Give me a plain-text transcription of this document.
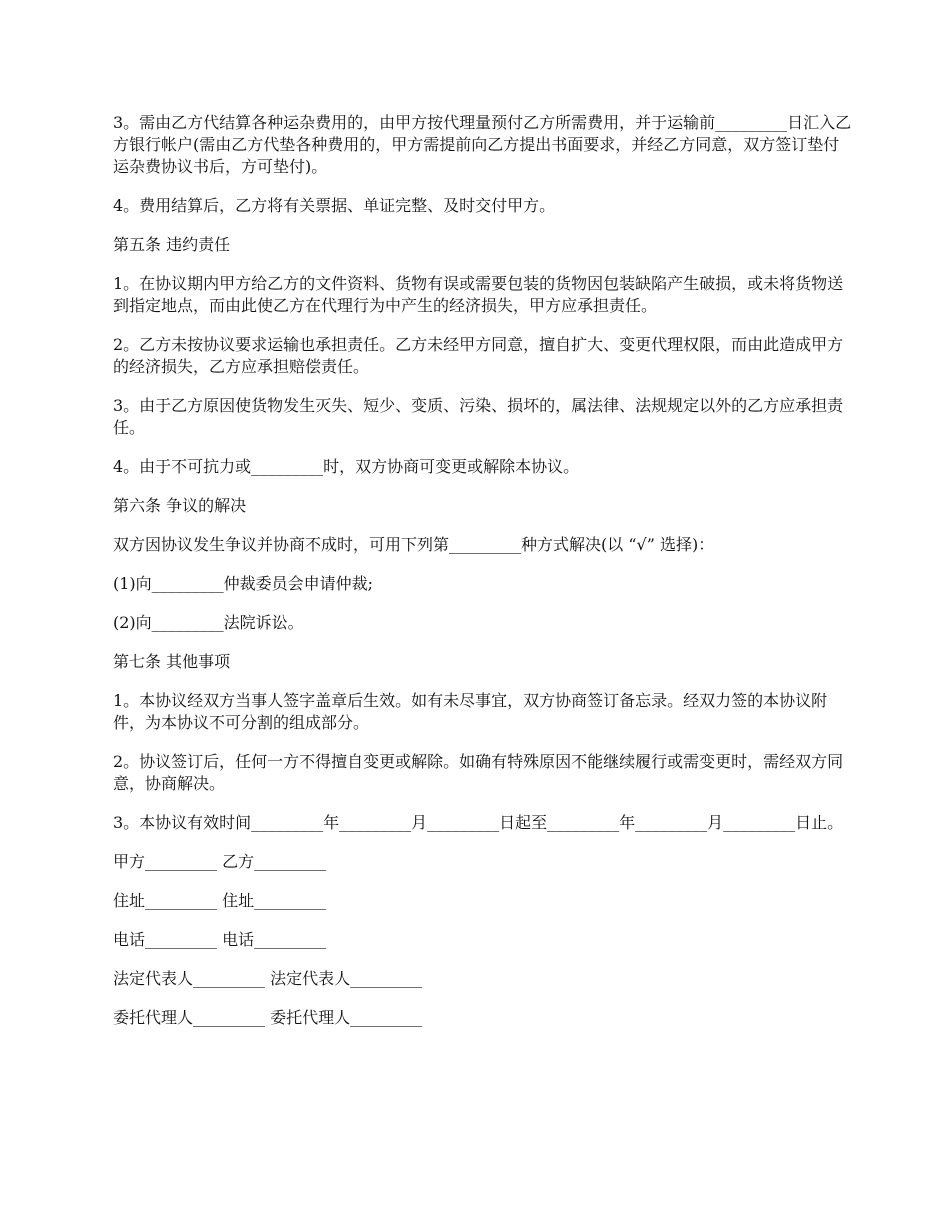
3。需由乙方代结算各种运杂费用的，由甲方按代理量预付乙方所需费用，并于运输前_________日汇入乙方银行帐户(需由乙方代垫各种费用的，甲方需提前向乙方提出书面要求，并经乙方同意，双方签订垫付运杂费协议书后，方可垫付)。

4。费用结算后，乙方将有关票据、单证完整、及时交付甲方。

第五条 违约责任

1。在协议期内甲方给乙方的文件资料、货物有误或需要包装的货物因包装缺陷产生破损，或未将货物送到指定地点，而由此使乙方在代理行为中产生的经济损失，甲方应承担责任。

2。乙方未按协议要求运输也承担责任。乙方未经甲方同意，擅自扩大、变更代理权限，而由此造成甲方的经济损失，乙方应承担赔偿责任。

3。由于乙方原因使货物发生灭失、短少、变质、污染、损坏的，属法律、法规规定以外的乙方应承担责任。

4。由于不可抗力或_________时，双方协商可变更或解除本协议。

第六条 争议的解决

双方因协议发生争议并协商不成时，可用下列第_________种方式解决(以 “√” 选择)：

(1)向_________仲裁委员会申请仲裁;

(2)向_________法院诉讼。

第七条 其他事项

1。本协议经双方当事人签字盖章后生效。如有未尽事宜，双方协商签订备忘录。经双力签的本协议附件，为本协议不可分割的组成部分。

2。协议签订后，任何一方不得擅自变更或解除。如确有特殊原因不能继续履行或需变更时，需经双方同意，协商解决。

3。本协议有效时间_________年_________月_________日起至_________年_________月_________日止。

甲方_________ 乙方_________

住址_________ 住址_________

电话_________ 电话_________

法定代表人_________ 法定代表人_________

委托代理人_________ 委托代理人_________
